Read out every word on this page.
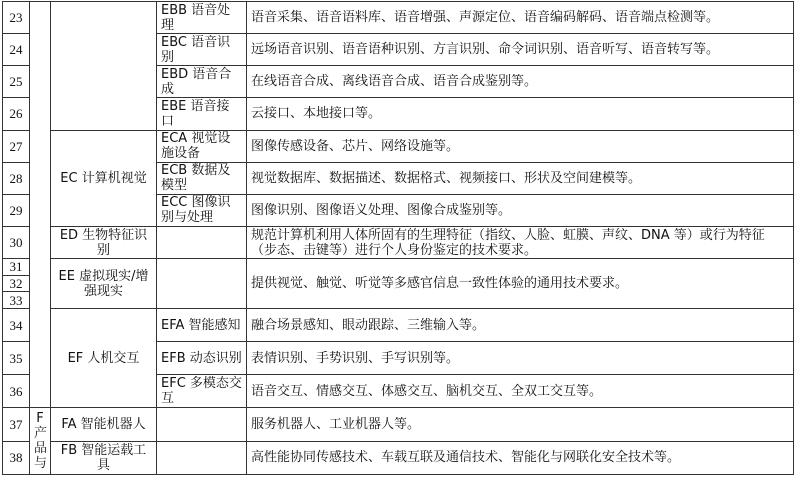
23			EBB 语音处理	语音采集、语音语料库、语音增强、声源定位、语音编码解码、语音端点检测等。
24			EBC 语音识别	远场语音识别、语音语种识别、方言识别、命令词识别、语音听写、语音转写等。
25			EBD 语音合成	在线语音合成、离线语音合成、语音合成鉴别等。
26			EBE 语音接口	云接口、本地接口等。
27		EC 计算机视觉	ECA 视觉设施设备	图像传感设备、芯片、网络设施等。
28			ECB 数据及模型	视觉数据库、数据描述、数据格式、视频接口、形状及空间建模等。
29			ECC 图像识别与处理	图像识别、图像语义处理、图像合成鉴别等。
30		ED 生物特征识别		规范计算机利用人体所固有的生理特征（指纹、人脸、虹膜、声纹、DNA 等）或行为特征（步态、击键等）进行个人身份鉴定的技术要求。
31		EE 虚拟现实/增强现实		提供视觉、触觉、听觉等多感官信息一致性体验的通用技术要求。
32				
33				
34		EF 人机交互	EFA 智能感知	融合场景感知、眼动跟踪、三维输入等。
35			EFB 动态识别	表情识别、手势识别、手写识别等。
36			EFC 多模态交互	语音交互、情感交互、体感交互、脑机交互、全双工交互等。
37	F 产品与	FA 智能机器人		服务机器人、工业机器人等。
38		FB 智能运载工具		高性能协同传感技术、车载互联及通信技术、智能化与网联化安全技术等。
